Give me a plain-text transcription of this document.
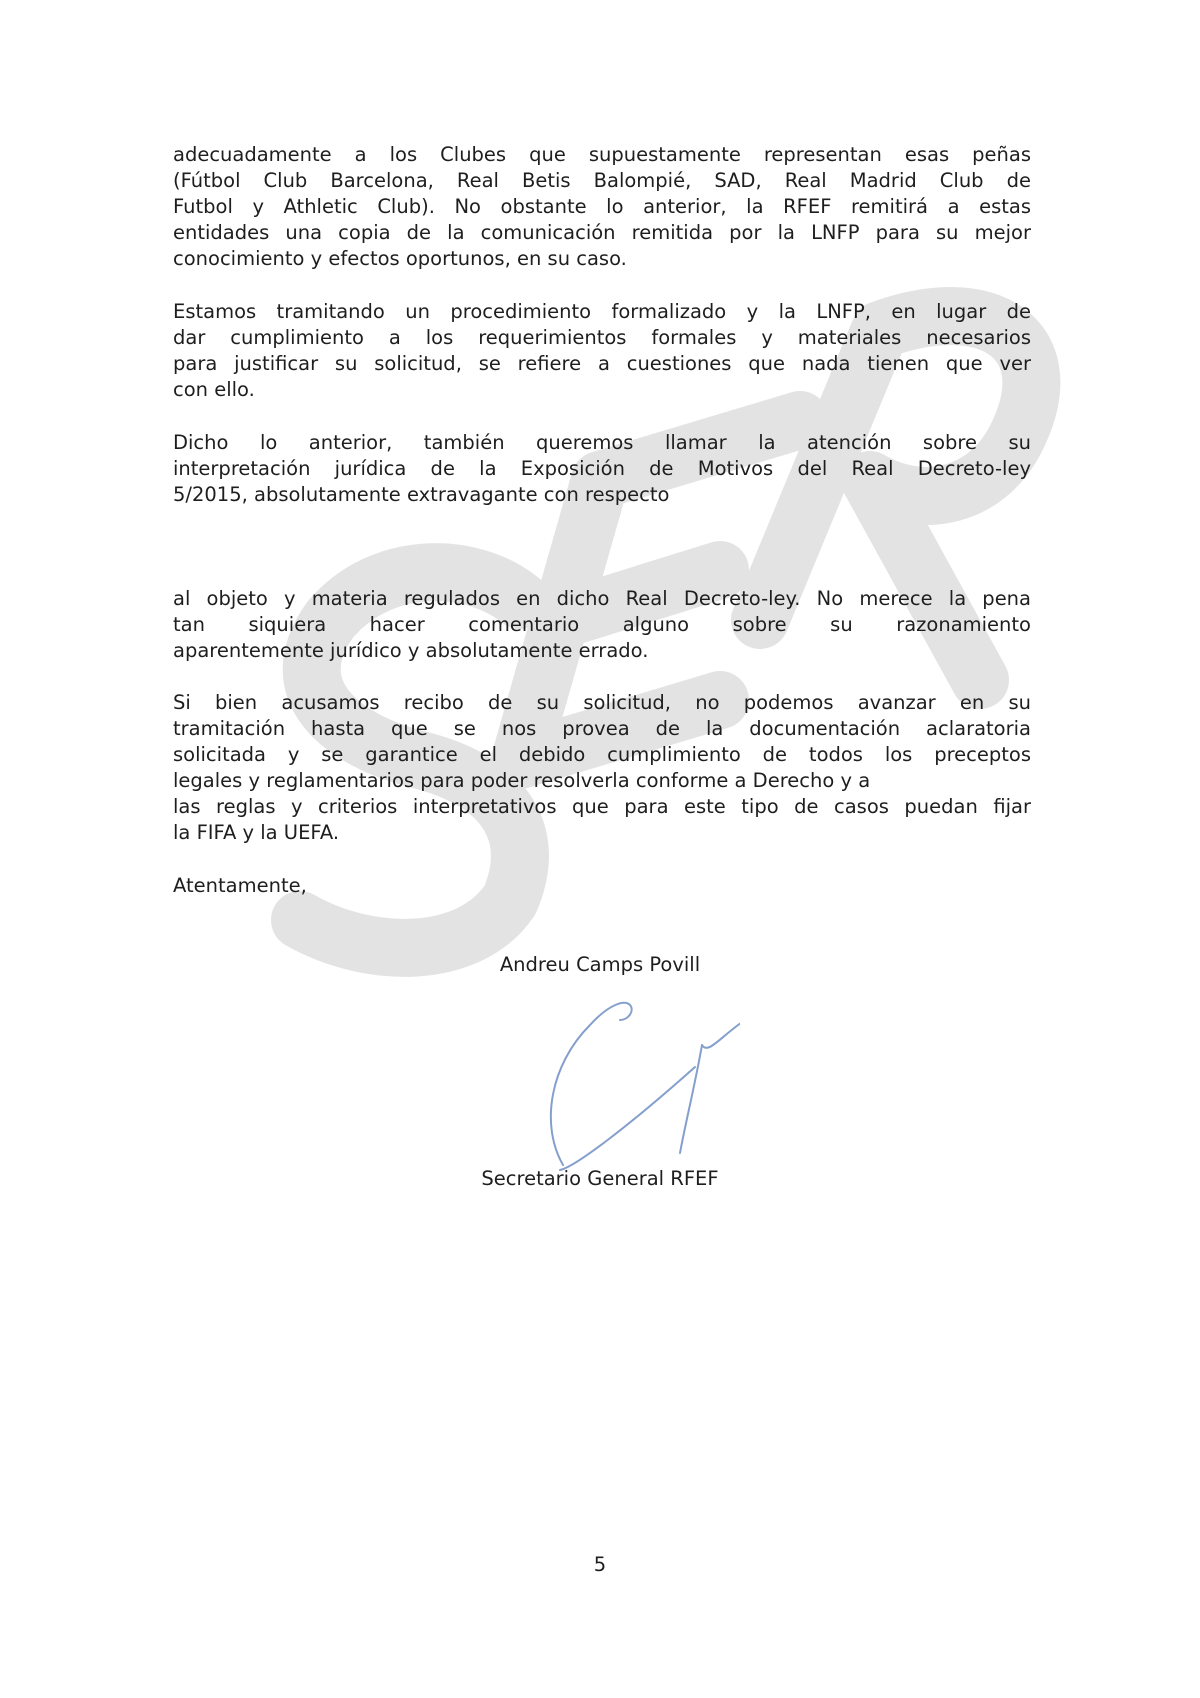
adecuadamente a los Clubes que supuestamente representan esas peñas
(Fútbol Club Barcelona, Real Betis Balompié, SAD, Real Madrid Club de
Futbol y Athletic Club). No obstante lo anterior, la RFEF remitirá a estas
entidades una copia de la comunicación remitida por la LNFP para su mejor
conocimiento y efectos oportunos, en su caso.
Estamos tramitando un procedimiento formalizado y la LNFP, en lugar de
dar cumplimiento a los requerimientos formales y materiales necesarios
para justificar su solicitud, se refiere a cuestiones que nada tienen que ver
con ello.
Dicho lo anterior, también queremos llamar la atención sobre su
interpretación jurídica de la Exposición de Motivos del Real Decreto-ley
5/2015, absolutamente extravagante con respecto
al objeto y materia regulados en dicho Real Decreto-ley. No merece la pena
tan siquiera hacer comentario alguno sobre su razonamiento
aparentemente jurídico y absolutamente errado.
Si bien acusamos recibo de su solicitud, no podemos avanzar en su
tramitación hasta que se nos provea de la documentación aclaratoria
solicitada y se garantice el debido cumplimiento de todos los preceptos
legales y reglamentarios para poder resolverla conforme a Derecho y a
las reglas y criterios interpretativos que para este tipo de casos puedan fijar
la FIFA y la UEFA.
Atentamente,
Andreu Camps Povill
Secretario General RFEF
5
